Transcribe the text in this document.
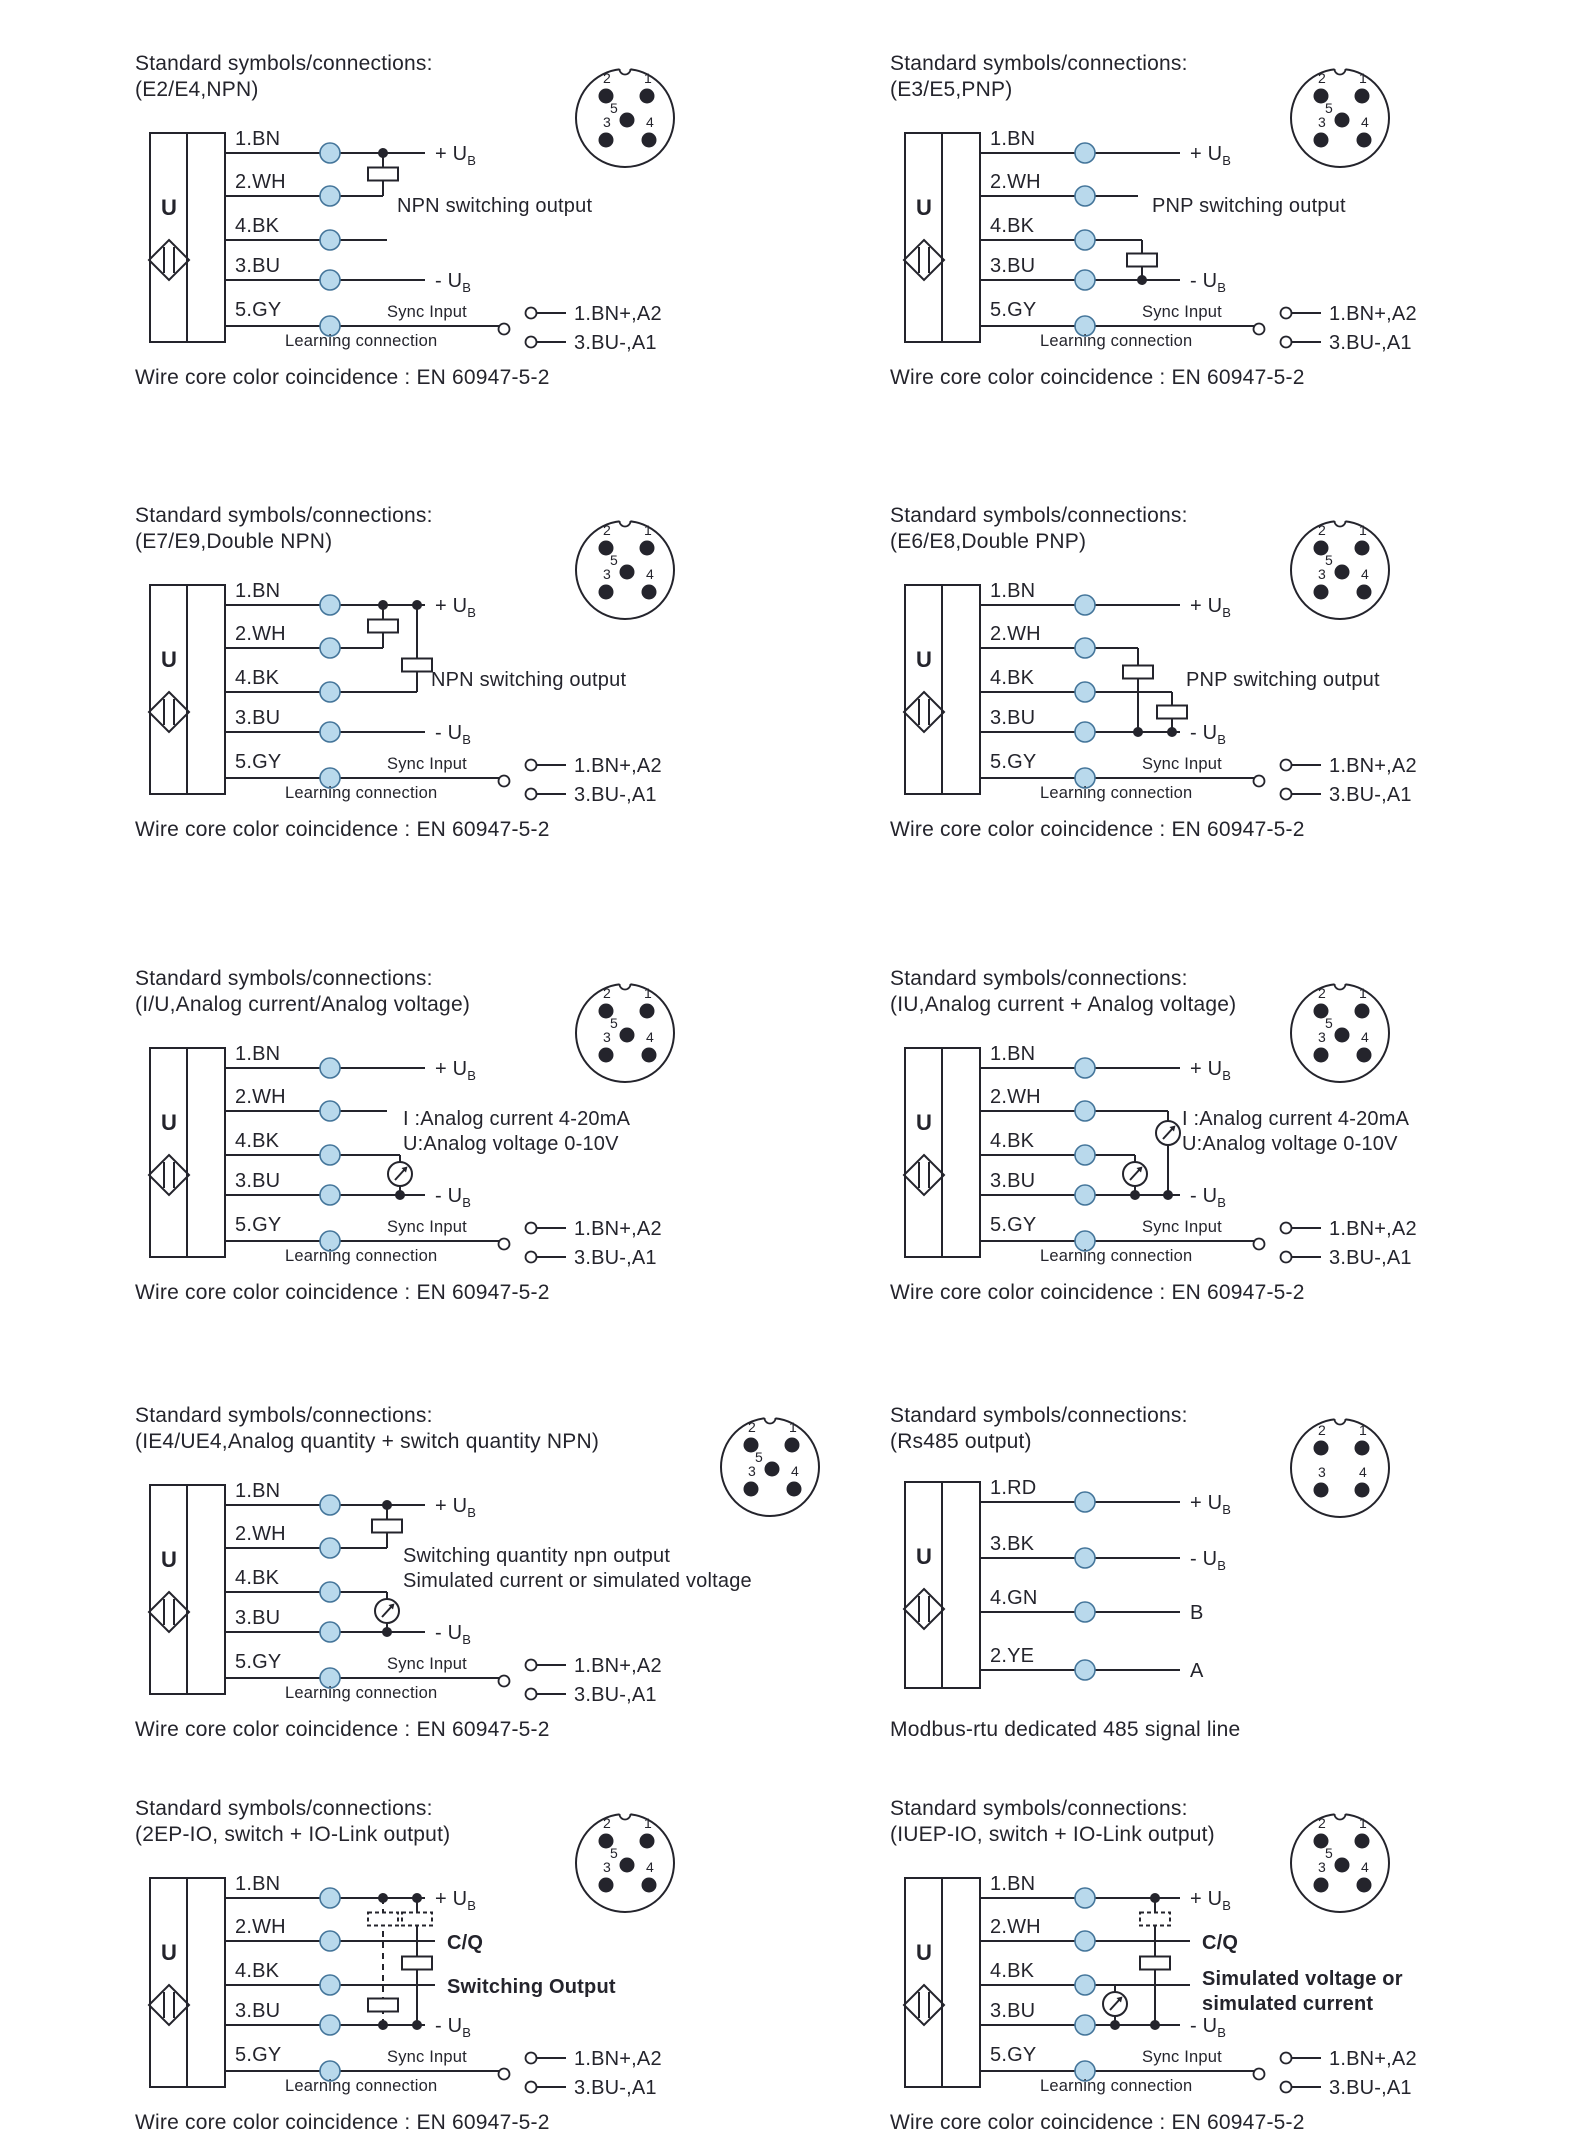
Standard symbols/connections:
(E2/E4,NPN)
U
1.BN
+ $U_B$
2.WH
4.BK
3.BU
- $U_B$
NPN switching output
5.GY	Sync Input
Learning connection
1.BN+,A2
3.BU-,A1
Wire core color coincidence : EN 60947-5-2
2 1
5
3	4
Standard symbols/connections:
(E3/E5,PNP)
U
1.BN
+ $U_B$
2.WH
4.BK
3.BU
- $U_B$
PNP switching output
5.GY	Sync Input
Learning connection
1.BN+,A2
3.BU-,A1
Wire core color coincidence : EN 60947-5-2
2 1
5
3	4
Standard symbols/connections:
(E7/E9,Double NPN)
U
1.BN
+ $U_B$
2.WH
4.BK
3.BU
- $U_B$
NPN switching output
5.GY	Sync Input
Learning connection
1.BN+,A2
3.BU-,A1
Wire core color coincidence : EN 60947-5-2
2 1
5
3	4
Standard symbols/connections:
(E6/E8,Double PNP)
U
1.BN
+ $U_B$
2.WH
4.BK
3.BU
- $U_B$
PNP switching output
5.GY	Sync Input
Learning connection
1.BN+,A2
3.BU-,A1
Wire core color coincidence : EN 60947-5-2
2 1
5
3	4
Standard symbols/connections:
(I/U,Analog current/Analog voltage)
U
1.BN
+ $U_B$
2.WH
4.BK
3.BU
- $U_B$
I :Analog current 4-20mA
U:Analog voltage 0-10V
5.GY	Sync Input
Learning connection
1.BN+,A2
3.BU-,A1
Wire core color coincidence : EN 60947-5-2
2 1
5
3	4
Standard symbols/connections:
(IU,Analog current + Analog voltage)
U
1.BN
+ $U_B$
2.WH
4.BK
3.BU
- $U_B$
I :Analog current 4-20mA
U:Analog voltage 0-10V
5.GY	Sync Input
Learning connection
1.BN+,A2
3.BU-,A1
Wire core color coincidence : EN 60947-5-2
2 1
5
3	4
Standard symbols/connections:
(IE4/UE4,Analog quantity + switch quantity NPN)
U
1.BN
+ $U_B$
2.WH
4.BK
3.BU
- $U_B$
Switching quantity npn output
Simulated current or simulated voltage
5.GY	Sync Input
Learning connection
1.BN+,A2
3.BU-,A1
Wire core color coincidence : EN 60947-5-2
2 1
5
3	4
Standard symbols/connections:
(Rs485 output)
U
1.RD
+ $U_B$
3.BK
- $U_B$
4.GN
B
2.YE
A
Modbus-rtu dedicated 485 signal line
2 1
3 4
Standard symbols/connections:
(2EP-IO, switch + IO-Link output)
U
1.BN
+ $U_B$
2.WH
4.BK
3.BU
- $U_B$
C/Q
Switching Output
5.GY	Sync Input
Learning connection
1.BN+,A2
3.BU-,A1
Wire core color coincidence : EN 60947-5-2
2 1
5
3	4
Standard symbols/connections:
(IUEP-IO, switch + IO-Link output)
U
1.BN
+ $U_B$
2.WH
4.BK
3.BU
- $U_B$
C/Q
Simulated voltage or
simulated current
5.GY	Sync Input
Learning connection
1.BN+,A2
3.BU-,A1
Wire core color coincidence : EN 60947-5-2
2 1
5
3	4
